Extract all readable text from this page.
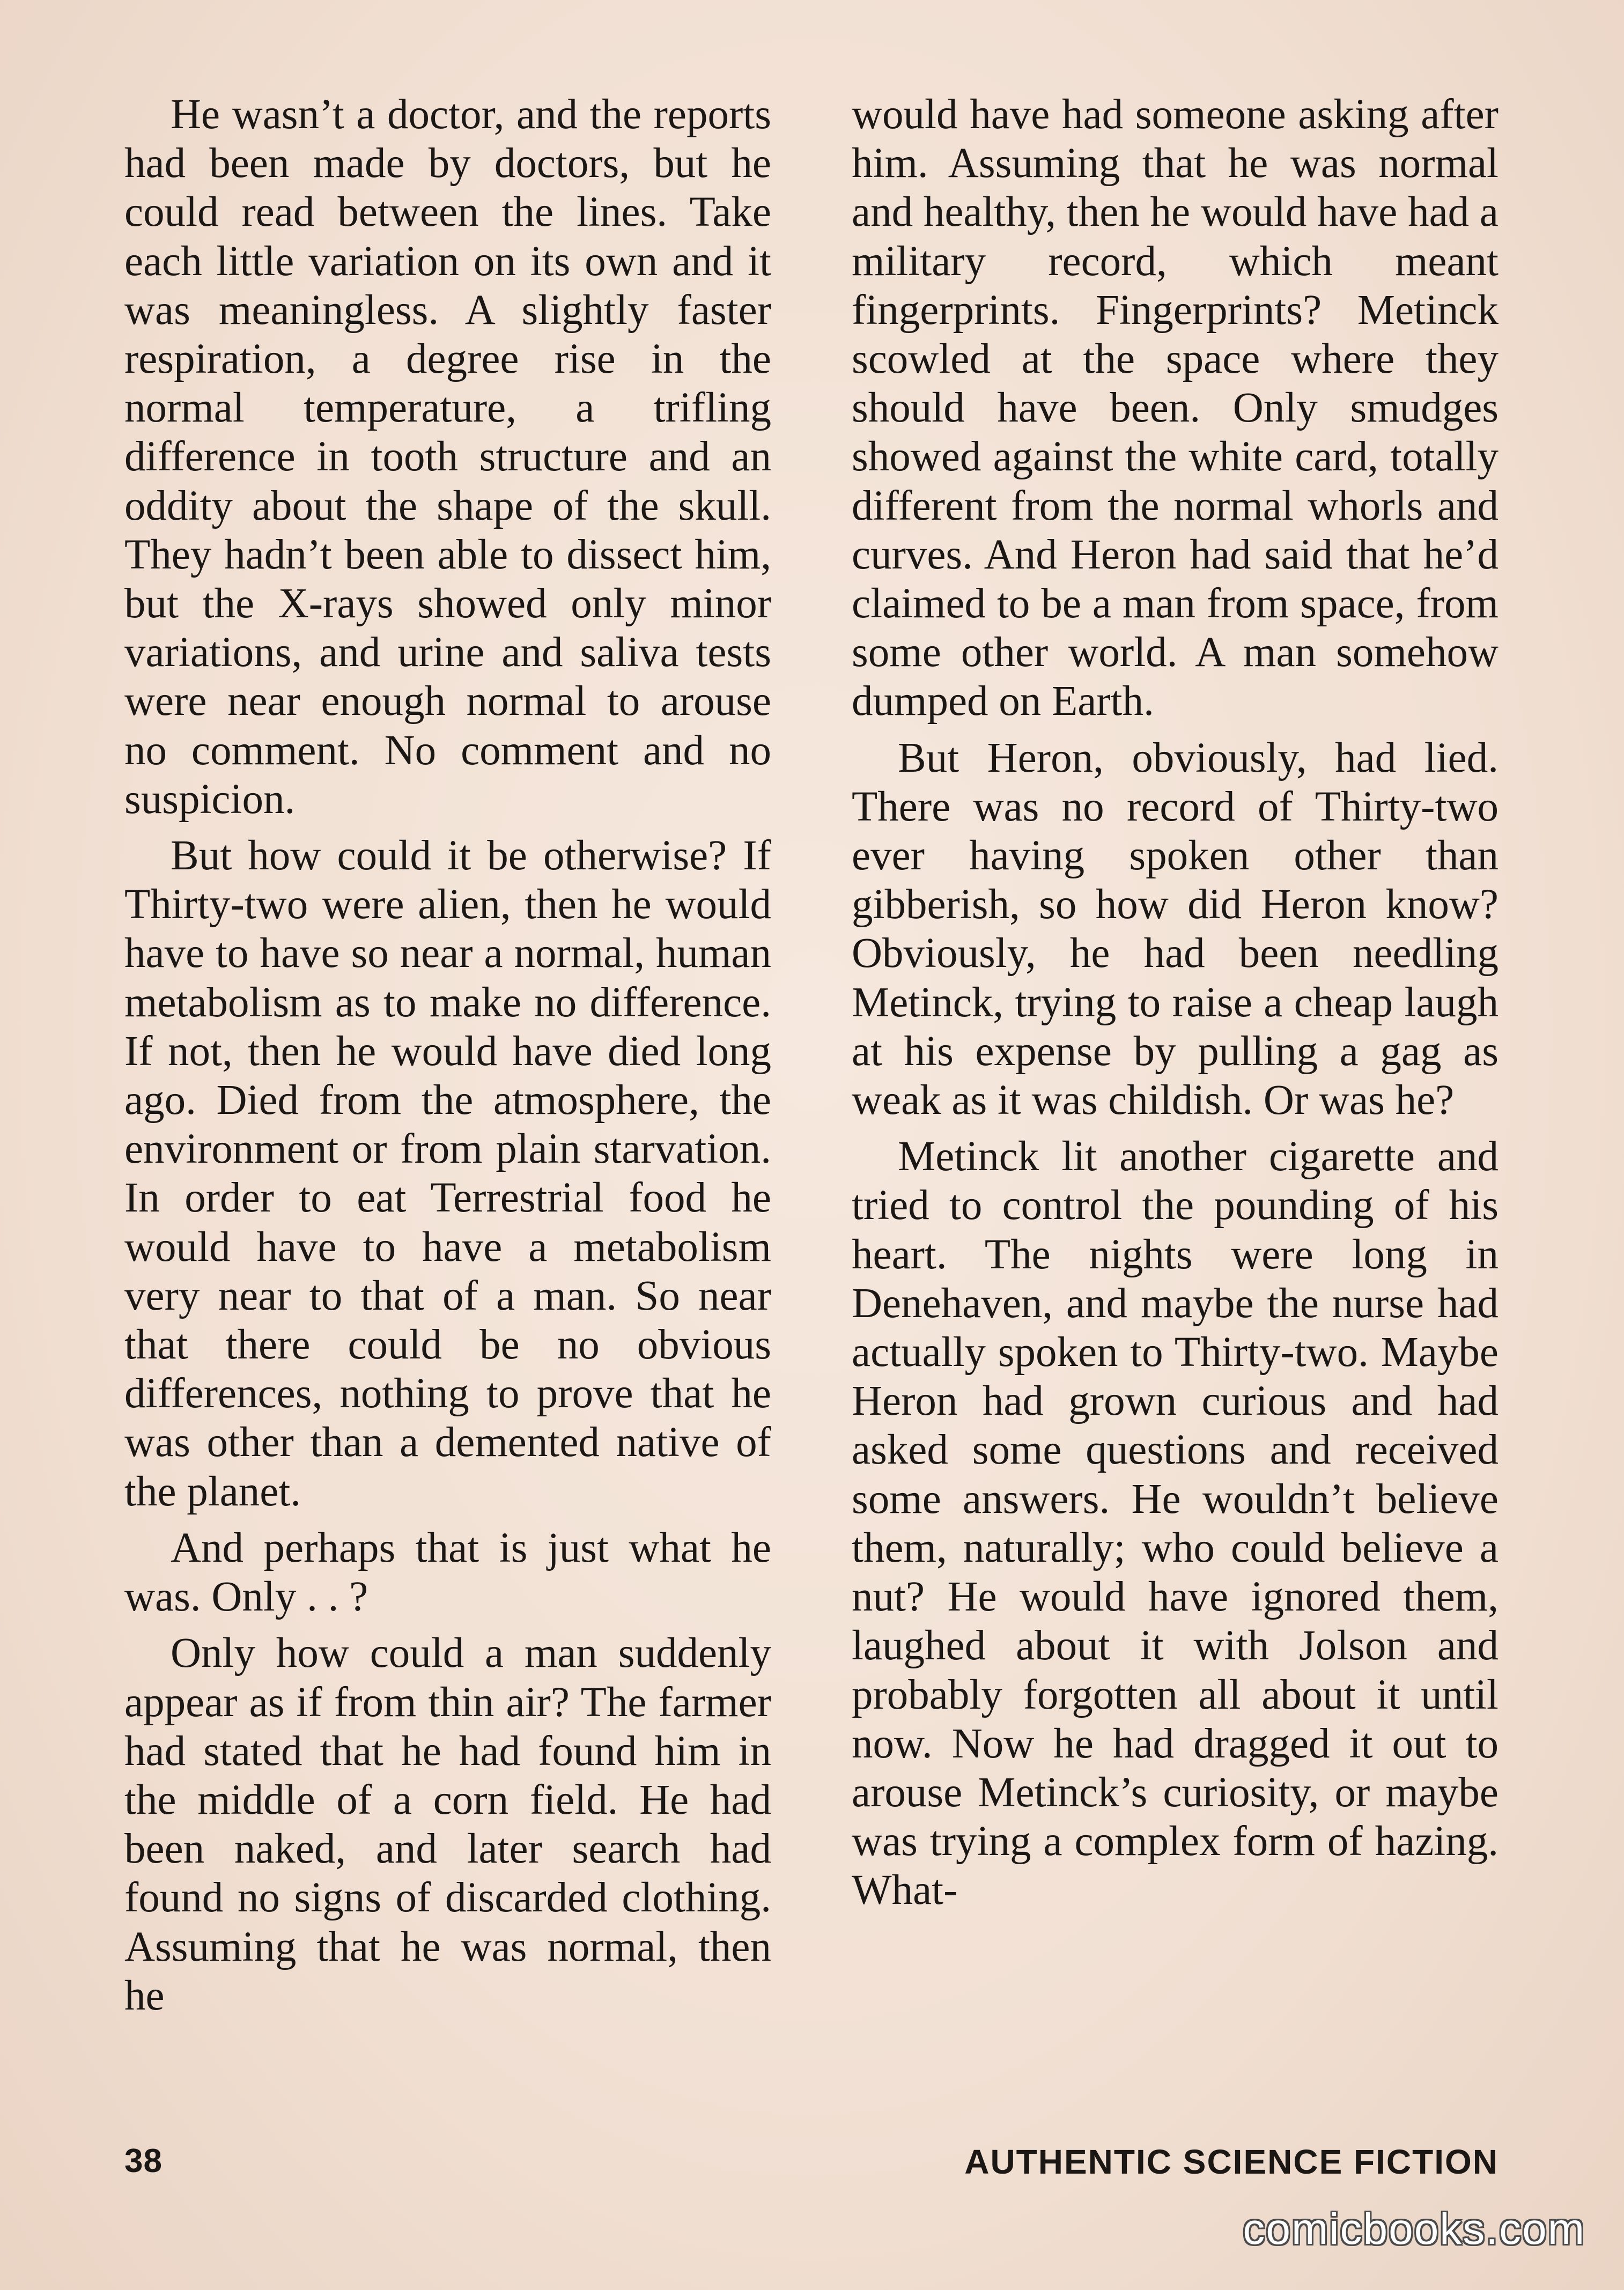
He wasn’t a doctor, and the reports had been made by doctors, but he could read between the lines. Take each little variation on its own and it was meaningless. A slightly faster respiration, a degree rise in the normal temperature, a trifling difference in tooth structure and an oddity about the shape of the skull. They hadn’t been able to dissect him, but the X-rays showed only minor variations, and urine and saliva tests were near enough normal to arouse no comment. No comment and no suspicion.

But how could it be otherwise? If Thirty-two were alien, then he would have to have so near a normal, human metabolism as to make no difference. If not, then he would have died long ago. Died from the atmosphere, the environment or from plain starvation. In order to eat Terrestrial food he would have to have a metabolism very near to that of a man. So near that there could be no obvious differences, nothing to prove that he was other than a demented native of the planet.

And perhaps that is just what he was. Only . . ?

Only how could a man suddenly appear as if from thin air? The farmer had stated that he had found him in the middle of a corn field. He had been naked, and later search had found no signs of discarded clothing. Assuming that he was normal, then he

would have had someone asking after him. Assuming that he was normal and healthy, then he would have had a military record, which meant fingerprints. Fingerprints? Metinck scowled at the space where they should have been. Only smudges showed against the white card, totally different from the normal whorls and curves. And Heron had said that he’d claimed to be a man from space, from some other world. A man somehow dumped on Earth.

But Heron, obviously, had lied. There was no record of Thirty-two ever having spoken other than gibberish, so how did Heron know? Obviously, he had been needling Metinck, trying to raise a cheap laugh at his expense by pulling a gag as weak as it was childish. Or was he?

Metinck lit another cigarette and tried to control the pounding of his heart. The nights were long in Denehaven, and maybe the nurse had actually spoken to Thirty-two. Maybe Heron had grown curious and had asked some questions and received some answers. He wouldn’t believe them, naturally; who could believe a nut? He would have ignored them, laughed about it with Jolson and probably forgotten all about it until now. Now he had dragged it out to arouse Metinck’s curiosity, or maybe was trying a complex form of hazing. What-

38	AUTHENTIC SCIENCE FICTION
comicbooks.com
